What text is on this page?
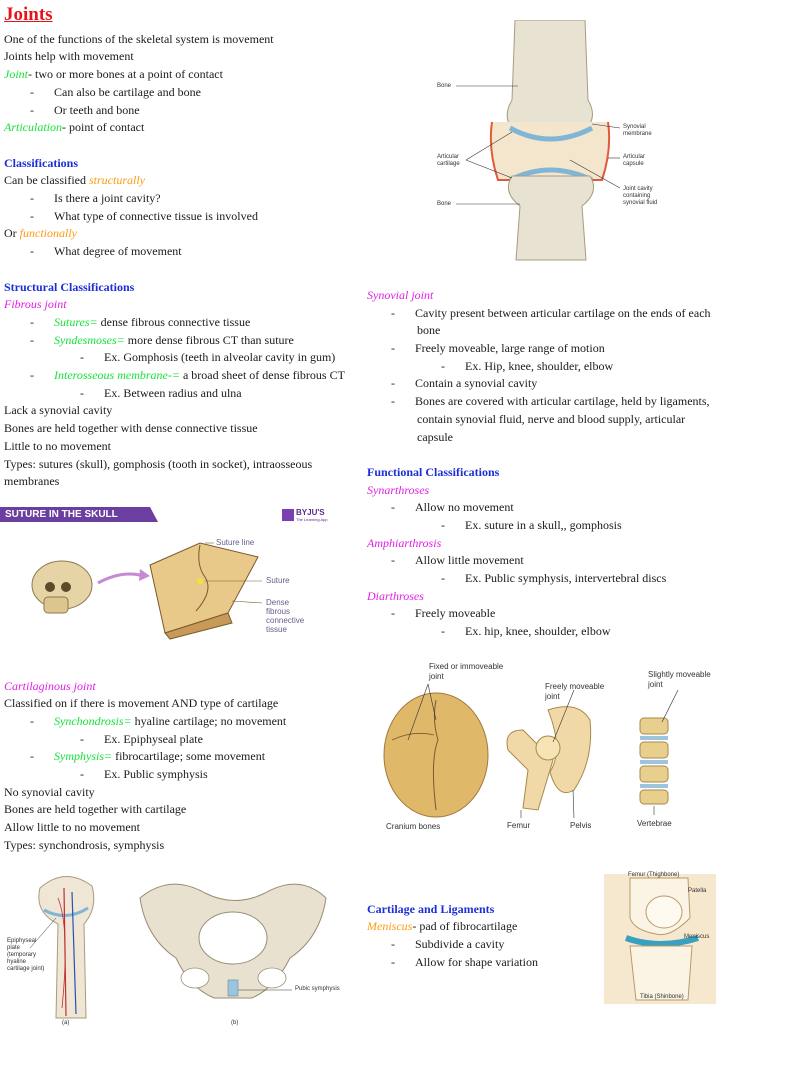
Joints
One of the functions of the skeletal system is movement
Joints help with movement
Joint- two or more bones at a point of contact
- Can also be cartilage and bone
- Or teeth and bone
Articulation- point of contact
Classifications
Can be classified structurally
- Is there a joint cavity?
- What type of connective tissue is involved
Or functionally
- What degree of movement
Structural Classifications
Fibrous joint
- Sutures= dense fibrous connective tissue
- Syndesmoses= more dense fibrous CT than suture
- Ex. Gomphosis (teeth in alveolar cavity in gum)
- Interosseous membrane-= a broad sheet of dense fibrous CT
- Ex. Between radius and ulna
Lack a synovial cavity
Bones are held together with dense connective tissue
Little to no movement
Types: sutures (skull), gomphosis (tooth in socket), intraosseous
membranes
SUTURE IN THE SKULL	BYJU'S
The Learning App
Suture line
Suture
Dense
fibrous
connective
tissue
Cartilaginous joint
Classified on if there is movement AND type of cartilage
- Synchondrosis= hyaline cartilage; no movement
- Ex. Epiphyseal plate
- Symphysis= fibrocartilage; some movement
- Ex. Public symphysis
No synovial cavity
Bones are held together with cartilage
Allow little to no movement
Types: synchondrosis, symphysis
Epiphyseal
plate
(temporary
hyaline
cartilage joint)
Pubic symphysis
(a)	(b)
Bone
Bone
Articular
cartilage
Synovial
membrane
Articular
capsule
Joint cavity
containing
synovial fluid
Synovial joint
- Cavity present between articular cartilage on the ends of each
bone
- Freely moveable, large range of motion
- Ex. Hip, knee, shoulder, elbow
- Contain a synovial cavity
- Bones are covered with articular cartilage, held by ligaments,
contain synovial fluid, nerve and blood supply, articular
capsule
Functional Classifications
Synarthroses
- Allow no movement
- Ex. suture in a skull,, gomphosis
Amphiarthrosis
- Allow little movement
- Ex. Public symphysis, intervertebral discs
Diarthroses
- Freely moveable
- Ex. hip, knee, shoulder, elbow
Fixed or immoveable
joint
Freely moveable
joint
Slightly moveable
joint
Cranium bones	Femur	Pelvis	Vertebrae
Cartilage and Ligaments
Meniscus- pad of fibrocartilage
- Subdivide a cavity
- Allow for shape variation
Femur (Thighbone)
Patella
Meniscus
Tibia (Shinbone)
